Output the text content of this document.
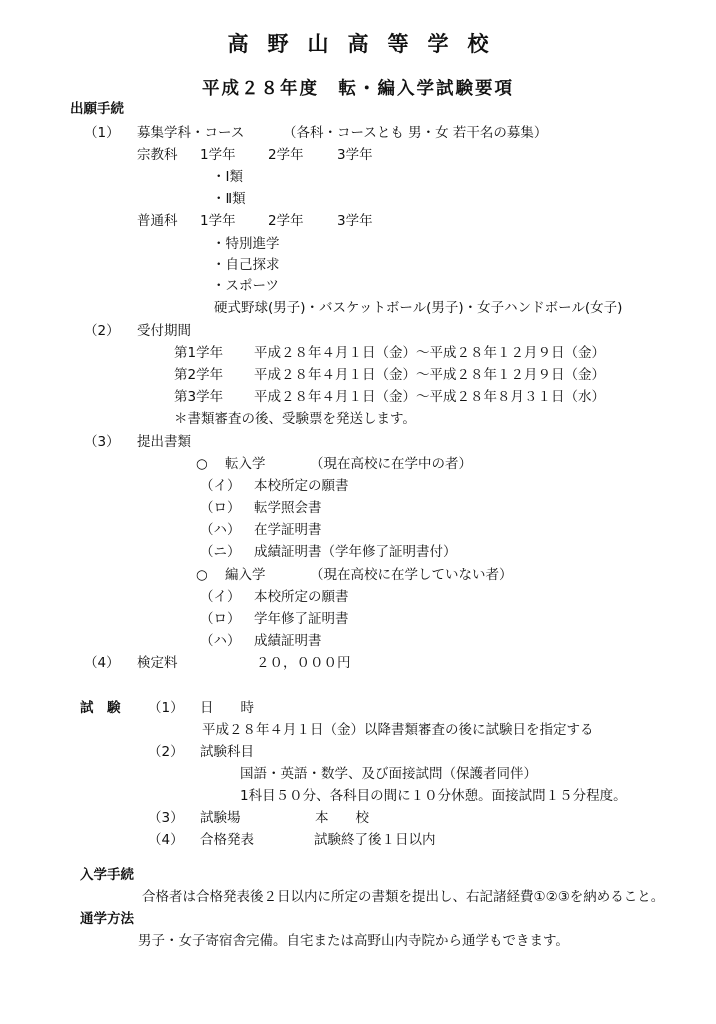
高野山高等学校
平成２８年度　転・編入学試験要項
出願手続
（1） 募集学科・コース	（各科・コースとも 男・女 若干名の募集）
宗教科 1学年 2学年 3学年
・Ⅰ類
・Ⅱ類
普通科 1学年 2学年 3学年
・特別進学
・自己探求
・スポーツ
硬式野球(男子)・バスケットボール(男子)・女子ハンドボール(女子)
（2） 受付期間
第1学年 平成２８年４月１日（金）～平成２８年１２月９日（金）
第2学年 平成２８年４月１日（金）～平成２８年１２月９日（金）
第3学年 平成２８年４月１日（金）～平成２８年８月３１日（水）
＊書類審査の後、受験票を発送します。
（3） 提出書類
○ 転入学	（現在高校に在学中の者）
（イ） 本校所定の願書
（ロ） 転学照会書
（ハ） 在学証明書
（ニ） 成績証明書（学年修了証明書付）
○ 編入学	（現在高校に在学していない者）
（イ） 本校所定の願書
（ロ） 学年修了証明書
（ハ） 成績証明書
（4） 検定料	２０，０００円
試　験 （1） 日　　時
平成２８年４月１日（金）以降書類審査の後に試験日を指定する
（2） 試験科目
国語・英語・数学、及び面接試問（保護者同伴）
1科目５０分、各科目の間に１０分休憩。面接試問１５分程度。
（3） 試験場	本　　校
（4） 合格発表	試験終了後１日以内
入学手続
合格者は合格発表後２日以内に所定の書類を提出し、右記諸経費①②③を納めること。
通学方法
男子・女子寄宿舎完備。自宅または高野山内寺院から通学もできます。
